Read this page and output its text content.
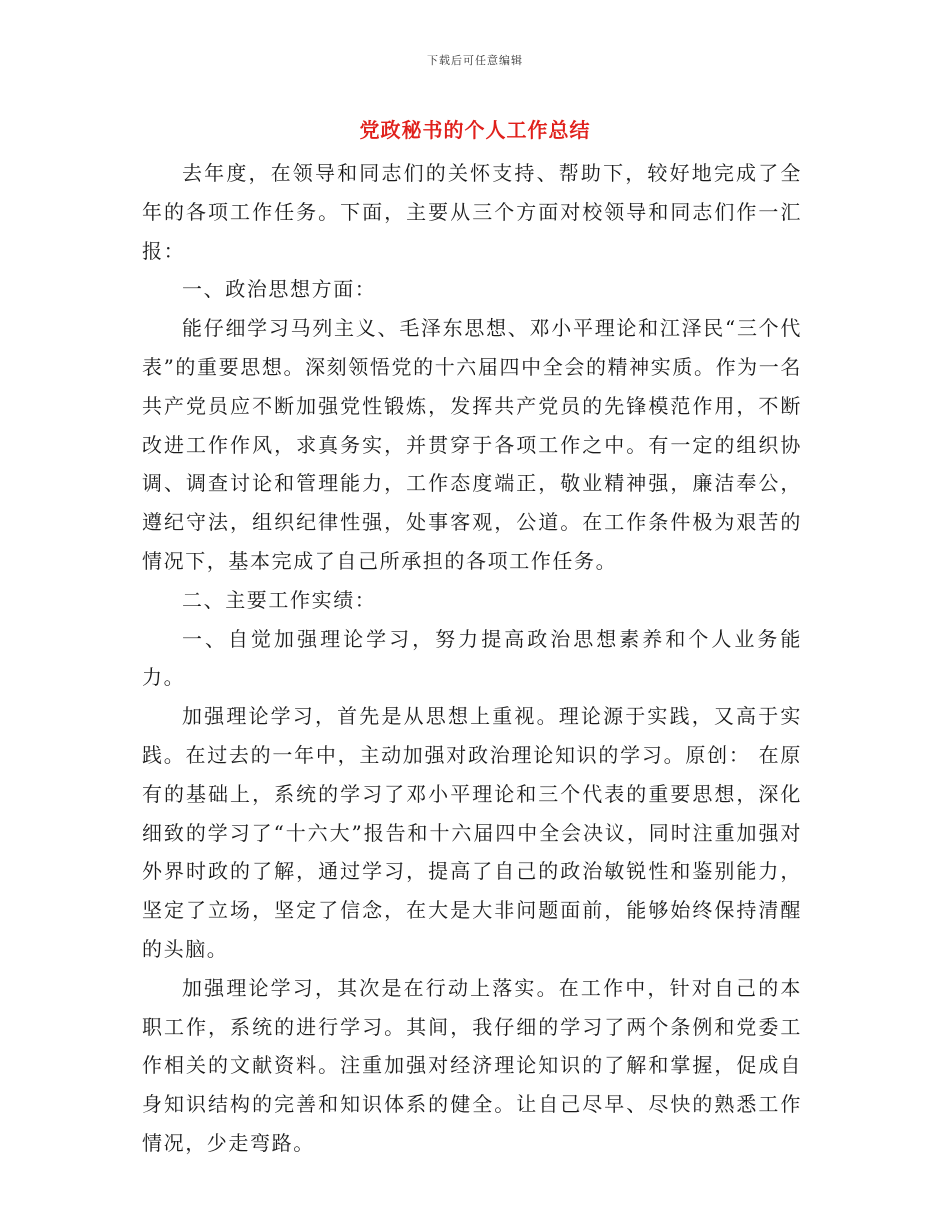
下载后可任意编辑
党政秘书的个人工作总结

去年度，在领导和同志们的关怀支持、帮助下，较好地完成了全年的各项工作任务。下面，主要从三个方面对校领导和同志们作一汇报：

一、政治思想方面：

能仔细学习马列主义、毛泽东思想、邓小平理论和江泽民“三个代表”的重要思想。深刻领悟党的十六届四中全会的精神实质。作为一名共产党员应不断加强党性锻炼，发挥共产党员的先锋模范作用，不断改进工作作风，求真务实，并贯穿于各项工作之中。有一定的组织协调、调查讨论和管理能力，工作态度端正，敬业精神强，廉洁奉公，遵纪守法，组织纪律性强，处事客观，公道。在工作条件极为艰苦的情况下，基本完成了自己所承担的各项工作任务。

二、主要工作实绩：

一、自觉加强理论学习，努力提高政治思想素养和个人业务能力。

加强理论学习，首先是从思想上重视。理论源于实践，又高于实践。在过去的一年中，主动加强对政治理论知识的学习。原创： 在原有的基础上，系统的学习了邓小平理论和三个代表的重要思想，深化细致的学习了“十六大”报告和十六届四中全会决议，同时注重加强对外界时政的了解，通过学习，提高了自己的政治敏锐性和鉴别能力，坚定了立场，坚定了信念，在大是大非问题面前，能够始终保持清醒的头脑。

加强理论学习，其次是在行动上落实。在工作中，针对自己的本职工作，系统的进行学习。其间，我仔细的学习了两个条例和党委工作相关的文献资料。注重加强对经济理论知识的了解和掌握，促成自身知识结构的完善和知识体系的健全。让自己尽早、尽快的熟悉工作情况，少走弯路。
